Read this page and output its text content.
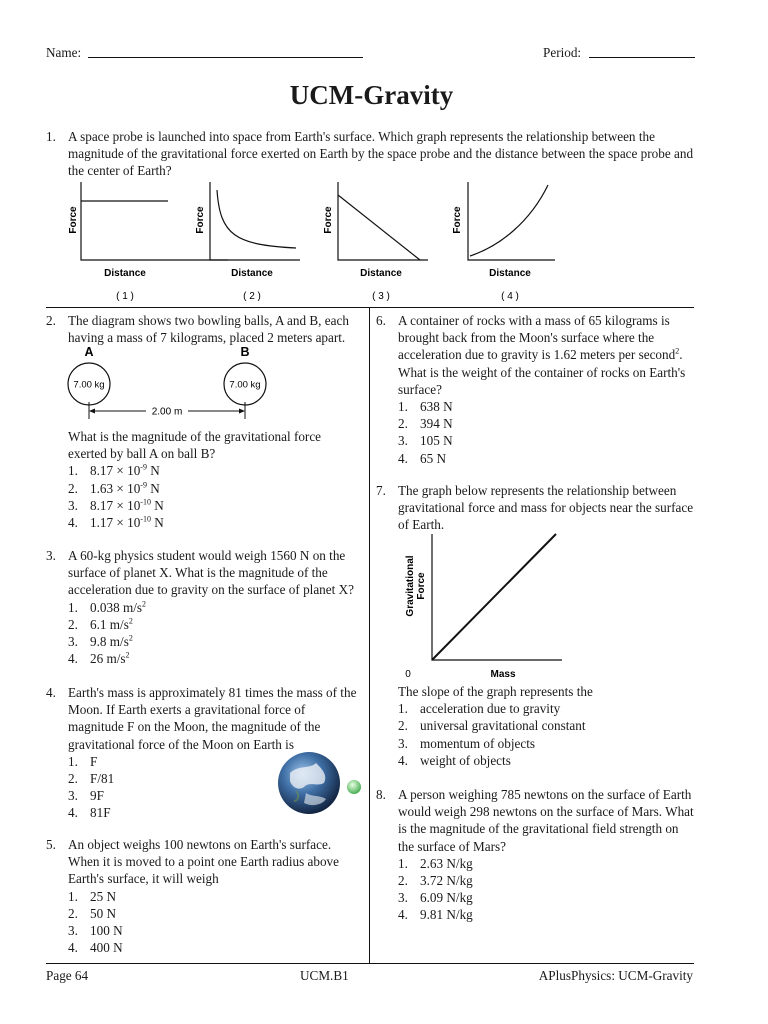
Name:	Period:
UCM-Gravity
1. A space probe is launched into space from Earth's surface. Which graph represents the relationship between the magnitude of the gravitational force exerted on Earth by the space probe and the distance between the space probe and the center of Earth?
Force
Distance
( 1 )
Force
Distance
( 2 )
Force
Distance
( 3 )
Force
Distance
( 4 )
2. The diagram shows two bowling balls, A and B, each having a mass of 7 kilograms, placed 2 meters apart.
A	B
7.00 kg	7.00 kg
2.00 m
What is the magnitude of the gravitational force exerted by ball A on ball B?
1. $8.17 \times 10^{-9}$ N
2. $1.63 \times 10^{-9}$ N
3. $8.17 \times 10^{-10}$ N
4. $1.17 \times 10^{-10}$ N
3. A 60-kg physics student would weigh 1560 N on the surface of planet X. What is the magnitude of the acceleration due to gravity on the surface of planet X?
1. 0.038 $m/s^2$
2. 6.1 $m/s^2$
3. 9.8 $m/s^2$
4. 26 $m/s^2$
4. Earth's mass is approximately 81 times the mass of the Moon. If Earth exerts a gravitational force of magnitude F on the Moon, the magnitude of the gravitational force of the Moon on Earth is
1. F
2. F/81
3. 9F
4. 81F
5. An object weighs 100 newtons on Earth's surface. When it is moved to a point one Earth radius above Earth's surface, it will weigh
1. 25 N
2. 50 N
3. 100 N
4. 400 N
6. A container of rocks with a mass of 65 kilograms is brought back from the Moon's surface where the acceleration due to gravity is 1.62 meters per second$^2$. What is the weight of the container of rocks on Earth's surface?
1. 638 N
2. 394 N
3. 105 N
4. 65 N
7. The graph below represents the relationship between gravitational force and mass for objects near the surface of Earth.
Gravitational Force
0	Mass
The slope of the graph represents the
1. acceleration due to gravity
2. universal gravitational constant
3. momentum of objects
4. weight of objects
8. A person weighing 785 newtons on the surface of Earth would weigh 298 newtons on the surface of Mars. What is the magnitude of the gravitational field strength on the surface of Mars?
1. 2.63 N/kg
2. 3.72 N/kg
3. 6.09 N/kg
4. 9.81 N/kg
Page 64	UCM.B1	APlusPhysics: UCM-Gravity
